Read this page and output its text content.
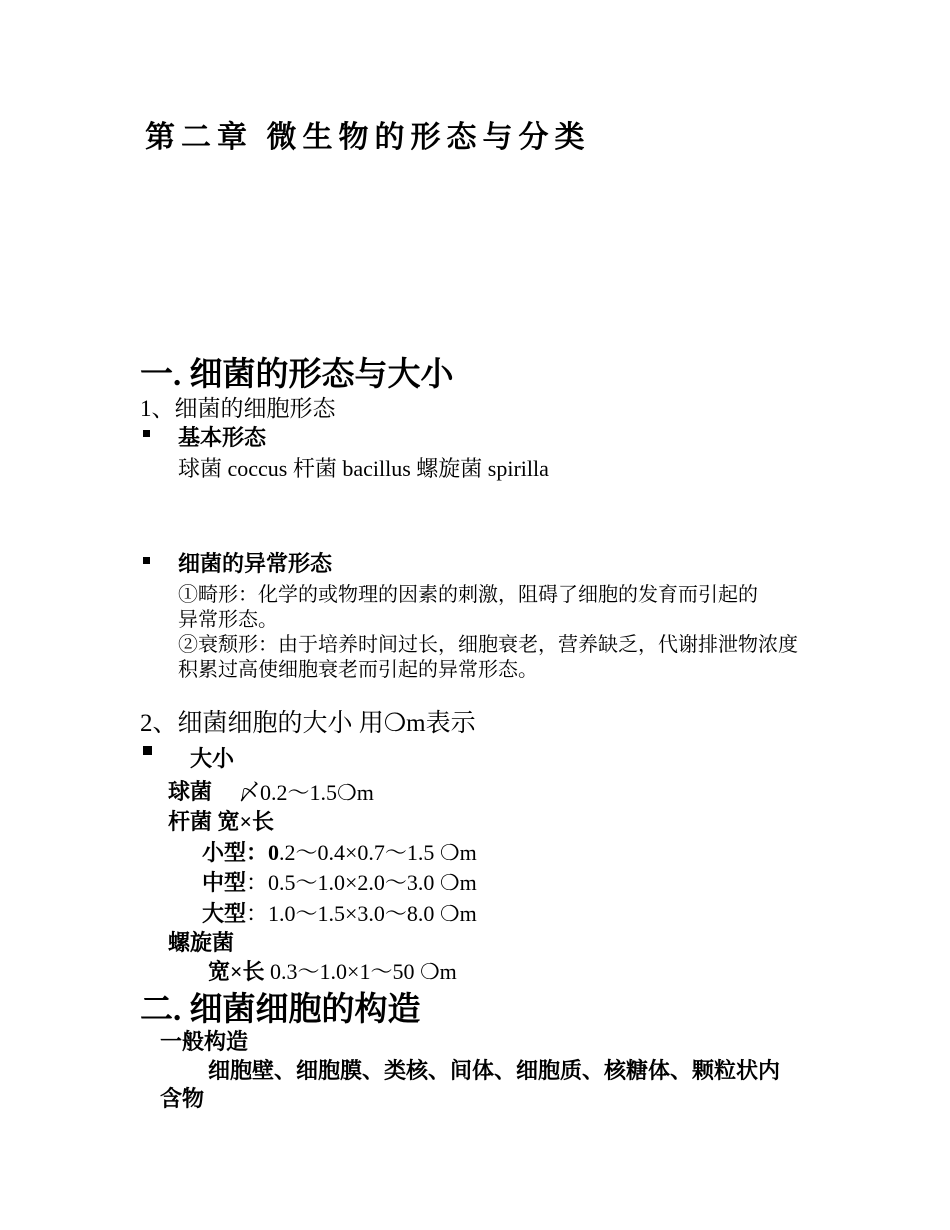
第二章 微生物的形态与分类
一. 细菌的形态与大小
1、细菌的细胞形态
基本形态
球菌 coccus 杆菌 bacillus 螺旋菌 spirilla
细菌的异常形态
①畸形：化学的或物理的因素的刺激，阻碍了细胞的发育而引起的
异常形态。
②衰颓形：由于培养时间过长，细胞衰老，营养缺乏，代谢排泄物浓度
积累过高使细胞衰老而引起的异常形态。
2、细菌细胞的大小 用❍m表示
大小
球菌 〆0.2～1.5❍m
杆菌 宽×长
小型：0.2～0.4×0.7～1.5 ❍m
中型：0.5～1.0×2.0～3.0 ❍m
大型：1.0～1.5×3.0～8.0 ❍m
螺旋菌
宽×长 0.3～1.0×1～50 ❍m
二. 细菌细胞的构造
一般构造
细胞壁、细胞膜、类核、间体、细胞质、核糖体、颗粒状内
含物
